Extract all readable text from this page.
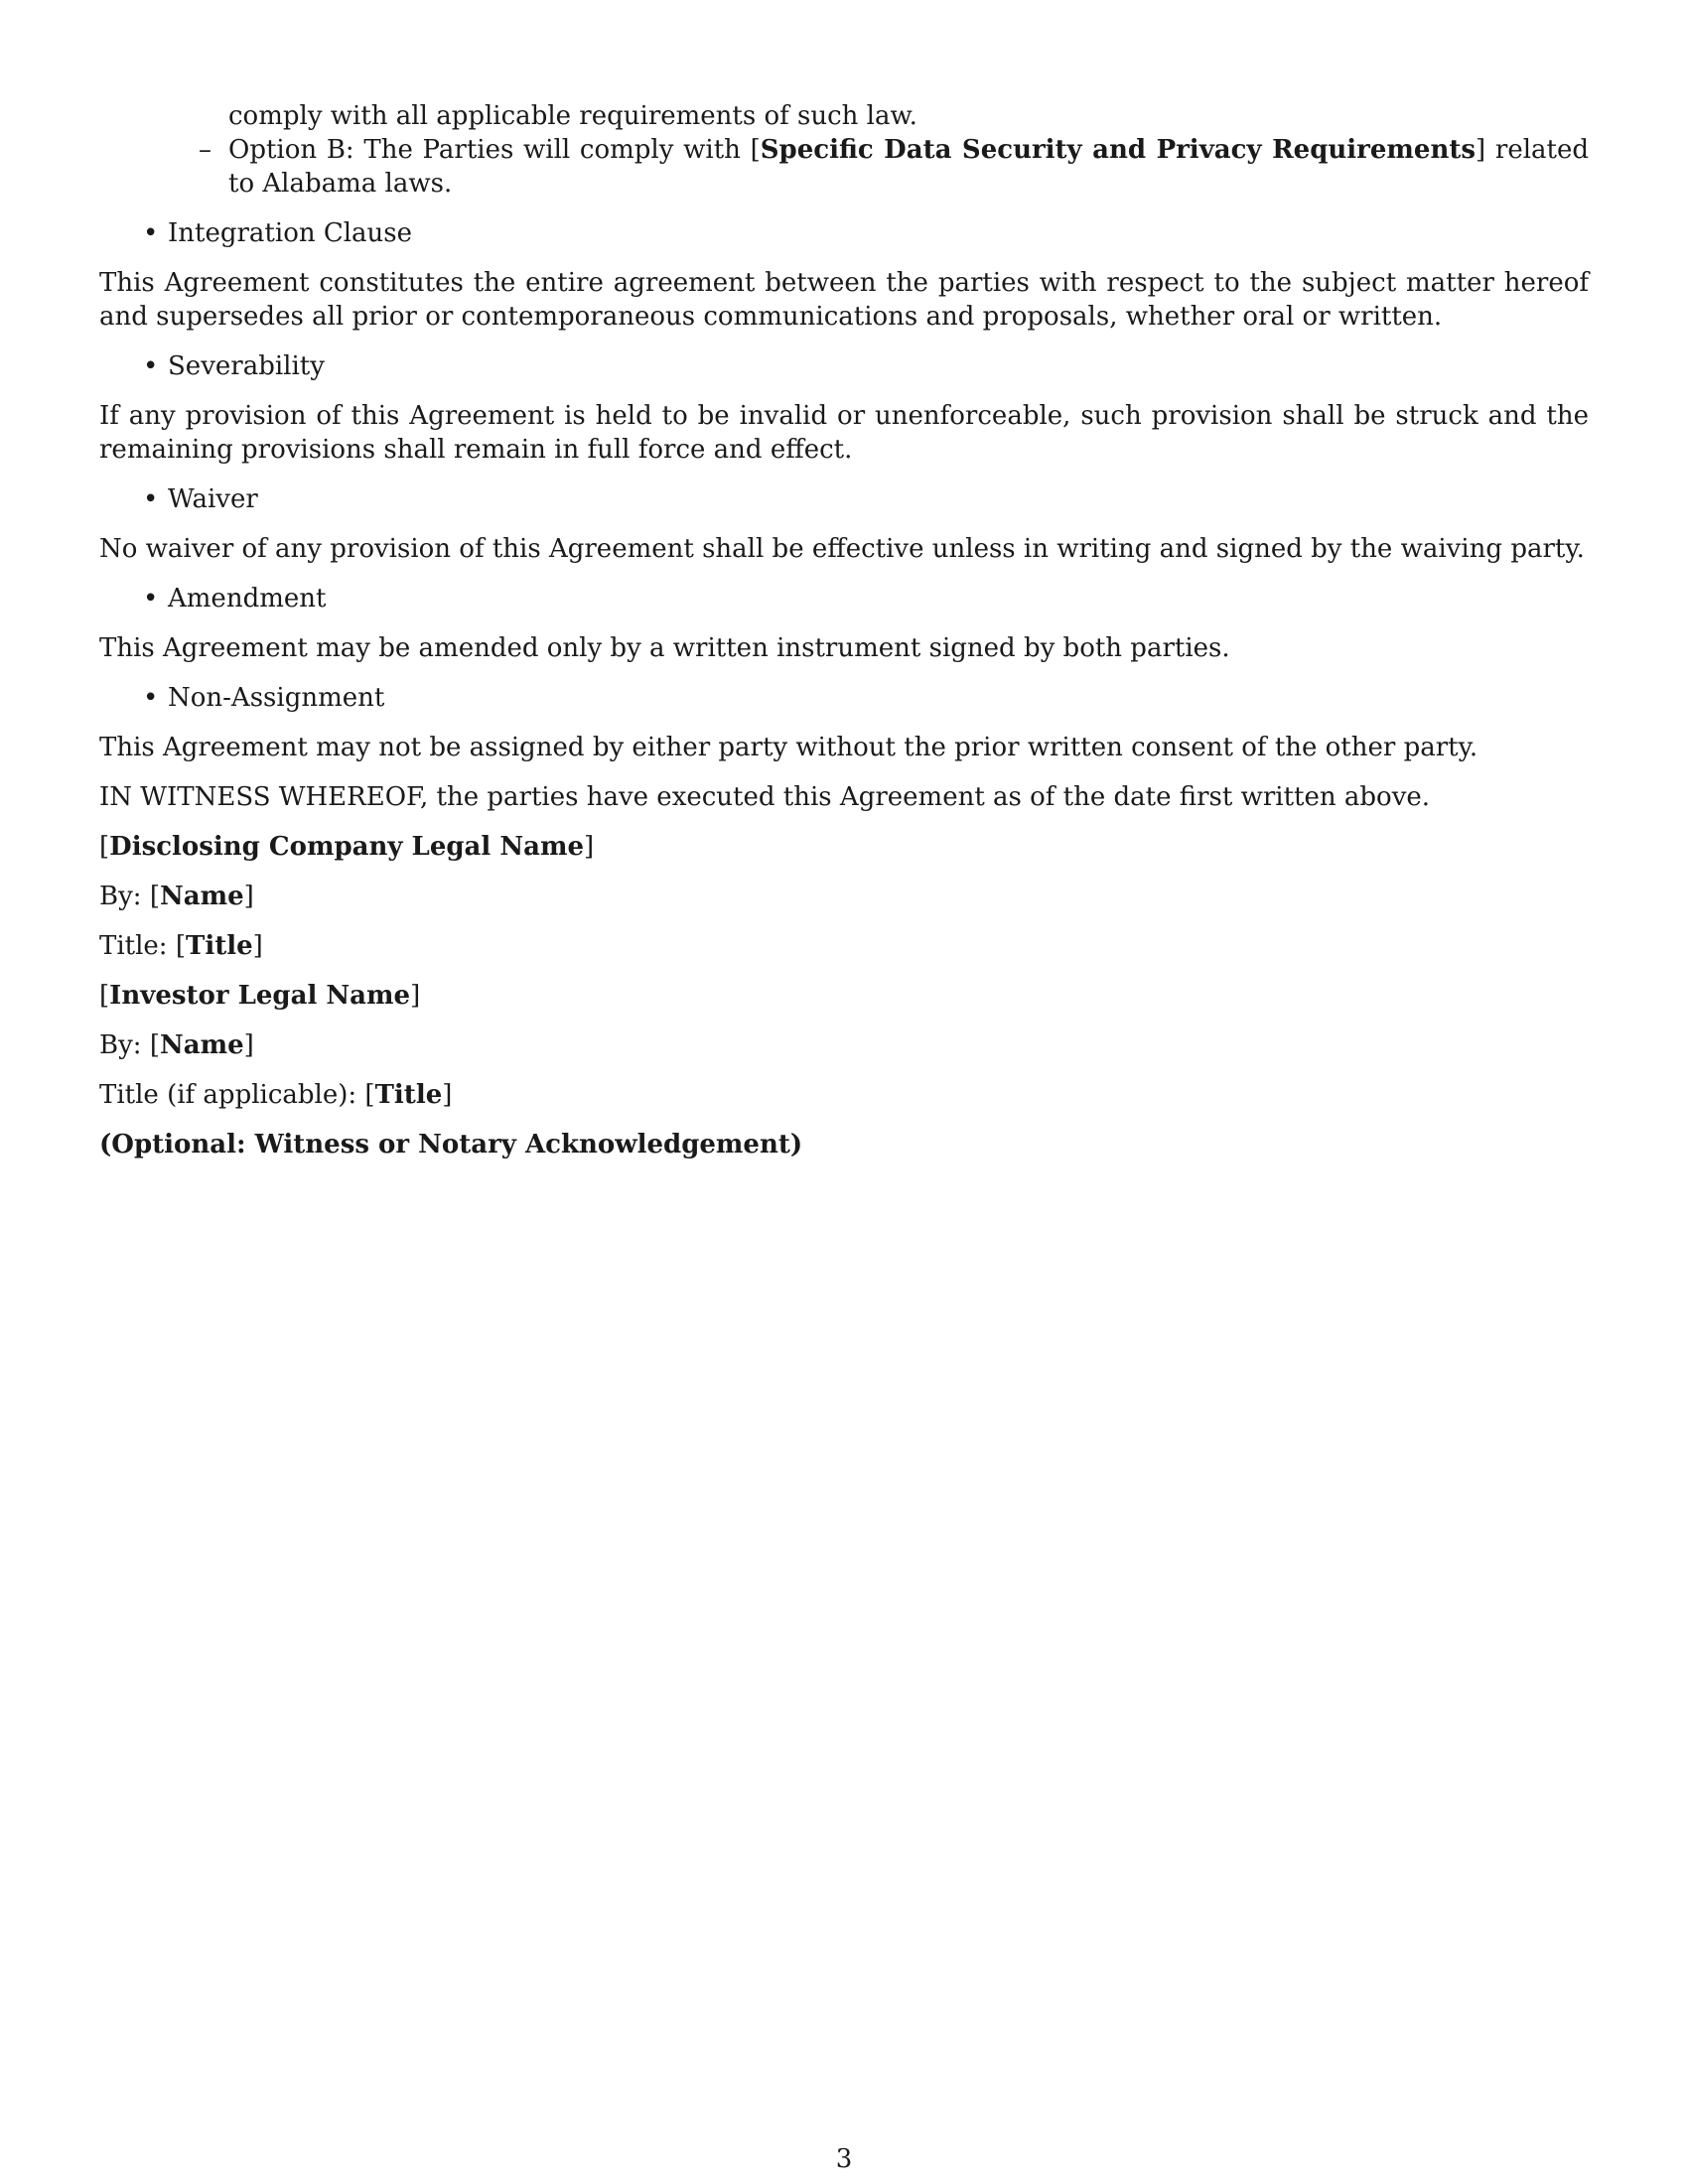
comply with all applicable requirements of such law.
– Option B: The Parties will comply with [Specific Data Security and Privacy Requirements] related to Alabama laws.
• Integration Clause
This Agreement constitutes the entire agreement between the parties with respect to the subject matter hereof and supersedes all prior or contemporaneous communications and proposals, whether oral or written.
• Severability
If any provision of this Agreement is held to be invalid or unenforceable, such provision shall be struck and the remaining provisions shall remain in full force and effect.
• Waiver
No waiver of any provision of this Agreement shall be effective unless in writing and signed by the waiving party.
• Amendment
This Agreement may be amended only by a written instrument signed by both parties.
• Non-Assignment
This Agreement may not be assigned by either party without the prior written consent of the other party.
IN WITNESS WHEREOF, the parties have executed this Agreement as of the date first written above.
[Disclosing Company Legal Name]
By: [Name]
Title: [Title]
[Investor Legal Name]
By: [Name]
Title (if applicable): [Title]
(Optional: Witness or Notary Acknowledgement)
3
